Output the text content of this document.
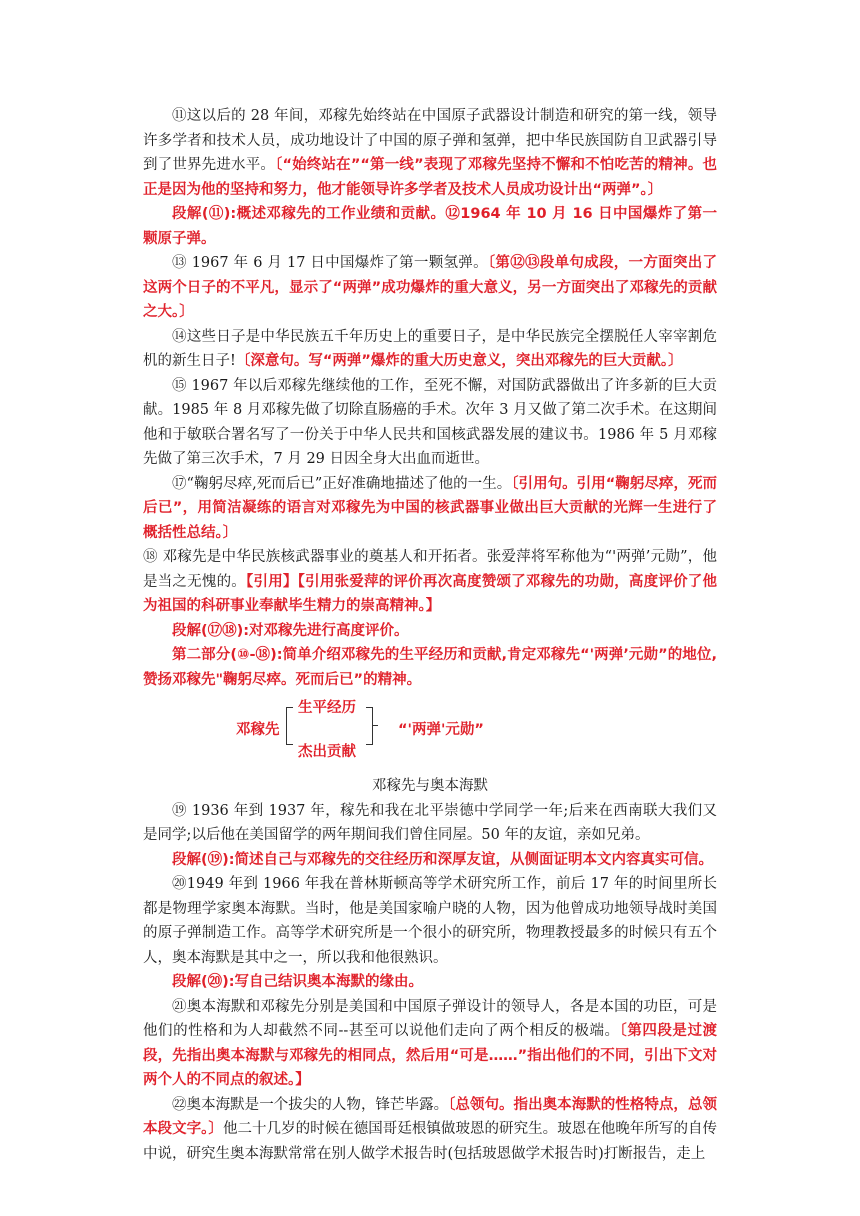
⑪这以后的 28 年间，邓稼先始终站在中国原子武器设计制造和研究的第一线，领导许多学者和技术人员，成功地设计了中国的原子弹和氢弹，把中华民族国防自卫武器引导到了世界先进水平。〔“始终站在”“第一线”表现了邓稼先坚持不懈和不怕吃苦的精神。也正是因为他的坚持和努力，他才能领导许多学者及技术人员成功设计出“两弹”。〕

段解(⑪):概述邓稼先的工作业绩和贡献。⑫1964 年 10 月 16 日中国爆炸了第一颗原子弹。

⑬ 1967 年 6 月 17 日中国爆炸了第一颗氢弹。〔第⑫⑬段单句成段，一方面突出了这两个日子的不平凡，显示了“两弹”成功爆炸的重大意义，另一方面突出了邓稼先的贡献之大。〕

⑭这些日子是中华民族五千年历史上的重要日子，是中华民族完全摆脱任人宰宰割危机的新生日子!〔深意句。写“两弹”爆炸的重大历史意义，突出邓稼先的巨大贡献。〕

⑮ 1967 年以后邓稼先继续他的工作，至死不懈，对国防武器做出了许多新的巨大贡献。1985 年 8 月邓稼先做了切除直肠癌的手术。次年 3 月又做了第二次手术。在这期间他和于敏联合署名写了一份关于中华人民共和国核武器发展的建议书。1986 年 5 月邓稼先做了第三次手术，7 月 29 日因全身大出血而逝世。

⑰“鞠躬尽瘁,死而后已”正好准确地描述了他的一生。〔引用句。引用“鞠躬尽瘁，死而后已”，用简洁凝练的语言对邓稼先为中国的核武器事业做出巨大贡献的光辉一生进行了概括性总结。〕

⑱ 邓稼先是中华民族核武器事业的奠基人和开拓者。张爱萍将军称他为“'两弹’元勋”，他是当之无愧的。【引用】【引用张爱萍的评价再次高度赞颂了邓稼先的功勋，高度评价了他为祖国的科研事业奉献毕生精力的崇高精神。】

段解(⑰⑱):对邓稼先进行高度评价。

第二部分(⑩-⑱):简单介绍邓稼先的生平经历和贡献,肯定邓稼先“'两弹’元勋”的地位,赞扬邓稼先"鞠躬尽瘁。死而后已”的精神。

邓稼先
生平经历
杰出贡献
“'两弹'元勋”

邓稼先与奥本海默

⑲ 1936 年到 1937 年，稼先和我在北平崇德中学同学一年;后来在西南联大我们又是同学;以后他在美国留学的两年期间我们曾住同屋。50 年的友谊，亲如兄弟。

段解(⑲):简述自己与邓稼先的交往经历和深厚友谊，从侧面证明本文内容真实可信。

⑳1949 年到 1966 年我在普林斯顿高等学术研究所工作，前后 17 年的时间里所长都是物理学家奥本海默。当时，他是美国家喻户晓的人物，因为他曾成功地领导战时美国的原子弹制造工作。高等学术研究所是一个很小的研究所，物理教授最多的时候只有五个人，奥本海默是其中之一，所以我和他很熟识。

段解(⑳):写自己结识奥本海默的缘由。

㉑奥本海默和邓稼先分别是美国和中国原子弹设计的领导人，各是本国的功臣，可是他们的性格和为人却截然不同--甚至可以说他们走向了两个相反的极端。〔第四段是过渡段，先指出奥本海默与邓稼先的相同点，然后用“可是……”指出他们的不同，引出下文对两个人的不同点的叙述。】

㉒奥本海默是一个拔尖的人物，锋芒毕露。〔总领句。指出奥本海默的性格特点，总领本段文字。〕他二十几岁的时候在德国哥廷根镇做玻恩的研究生。玻恩在他晚年所写的自传中说，研究生奥本海默常常在别人做学术报告时(包括玻恩做学术报告时)打断报告，走上
